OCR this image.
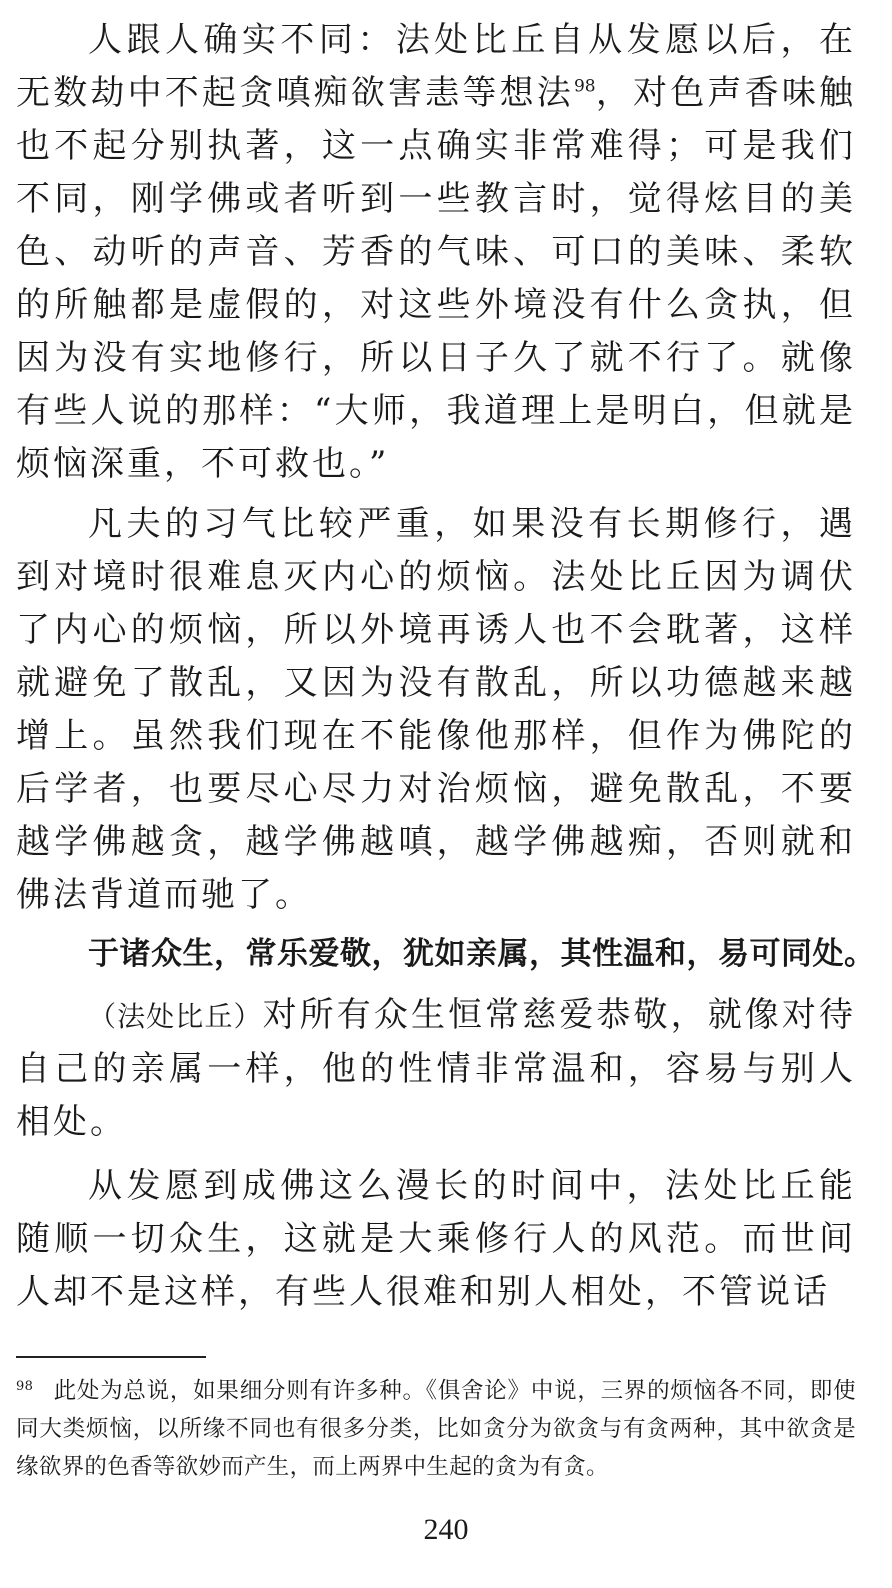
人跟人确实不同：法处比丘自从发愿以后，在无数劫中不起贪嗔痴欲害恚等想法$^{98}$，对色声香味触也不起分别执著，这一点确实非常难得；可是我们不同，刚学佛或者听到一些教言时，觉得炫目的美色、动听的声音、芳香的气味、可口的美味、柔软的所触都是虚假的，对这些外境没有什么贪执，但因为没有实地修行，所以日子久了就不行了。就像有些人说的那样：“大师，我道理上是明白，但就是烦恼深重，不可救也。”

凡夫的习气比较严重，如果没有长期修行，遇到对境时很难息灭内心的烦恼。法处比丘因为调伏了内心的烦恼，所以外境再诱人也不会耽著，这样就避免了散乱，又因为没有散乱，所以功德越来越增上。虽然我们现在不能像他那样，但作为佛陀的后学者，也要尽心尽力对治烦恼，避免散乱，不要越学佛越贪，越学佛越嗔，越学佛越痴，否则就和佛法背道而驰了。

于诸众生，常乐爱敬，犹如亲属，其性温和，易可同处。

（法处比丘）对所有众生恒常慈爱恭敬，就像对待自己的亲属一样，他的性情非常温和，容易与别人相处。

从发愿到成佛这么漫长的时间中，法处比丘能随顺一切众生，这就是大乘修行人的风范。而世间人却不是这样，有些人很难和别人相处，不管说话

$^{98}$ 此处为总说，如果细分则有许多种。《俱舍论》中说，三界的烦恼各不同，即使同大类烦恼，以所缘不同也有很多分类，比如贪分为欲贪与有贪两种，其中欲贪是缘欲界的色香等欲妙而产生，而上两界中生起的贪为有贪。

240
